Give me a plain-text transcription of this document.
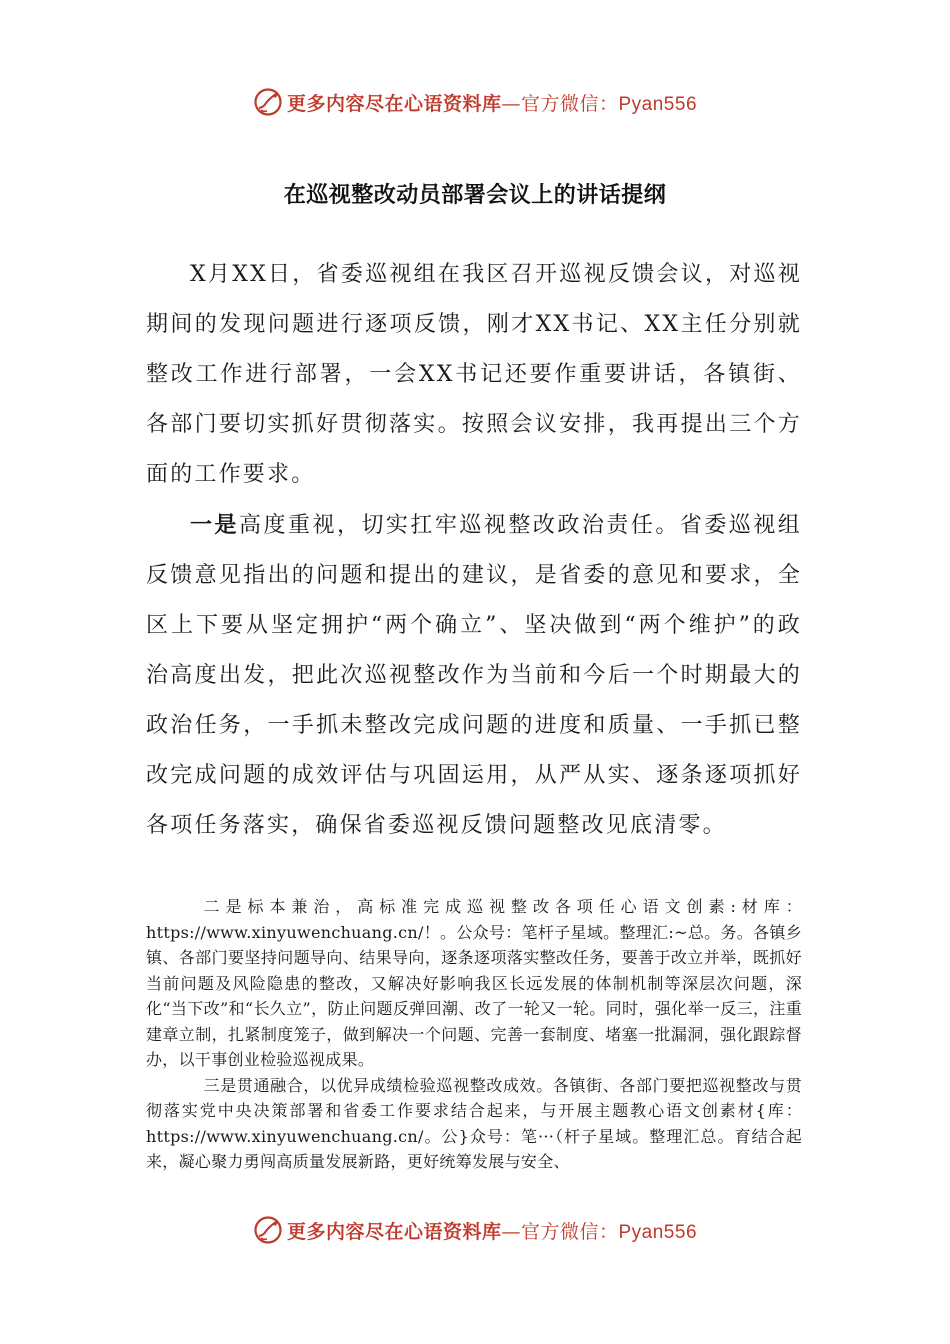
更多内容尽在心语资料库—官方微信：Pyan556
在巡视整改动员部署会议上的讲话提纲

X月XX日，省委巡视组在我区召开巡视反馈会议，对巡视期间的发现问题进行逐项反馈，刚才XX书记、XX主任分别就整改工作进行部署，一会XX书记还要作重要讲话，各镇街、各部门要切实抓好贯彻落实。按照会议安排，我再提出三个方面的工作要求。

一是高度重视，切实扛牢巡视整改政治责任。省委巡视组反馈意见指出的问题和提出的建议，是省委的意见和要求，全区上下要从坚定拥护“两个确立”、坚决做到“两个维护”的政治高度出发，把此次巡视整改作为当前和今后一个时期最大的政治任务，一手抓未整改完成问题的进度和质量、一手抓已整改完成问题的成效评估与巩固运用，从严从实、逐条逐项抓好各项任务落实，确保省委巡视反馈问题整改见底清零。

二是标本兼治，高标准完成巡视整改各项任心语文创素:材库：https://www.xinyuwenchuang.cn/！。公众号：笔杆子星域。整理汇:~总。务。各镇乡镇、各部门要坚持问题导向、结果导向，逐条逐项落实整改任务，要善于改立并举，既抓好当前问题及风险隐患的整改，又解决好影响我区长远发展的体制机制等深层次问题，深化“当下改”和“长久立”，防止问题反弹回潮、改了一轮又一轮。同时，强化举一反三，注重建章立制，扎紧制度笼子，做到解决一个问题、完善一套制度、堵塞一批漏洞，强化跟踪督办，以干事创业检验巡视成果。

三是贯通融合，以优异成绩检验巡视整改成效。各镇街、各部门要把巡视整改与贯彻落实党中央决策部署和省委工作要求结合起来，与开展主题教心语文创素材{库：https://www.xinyuwenchuang.cn/。公}众号：笔···（杆子星域。整理汇总。育结合起来，凝心聚力勇闯高质量发展新路，更好统筹发展与安全、

更多内容尽在心语资料库—官方微信：Pyan556
